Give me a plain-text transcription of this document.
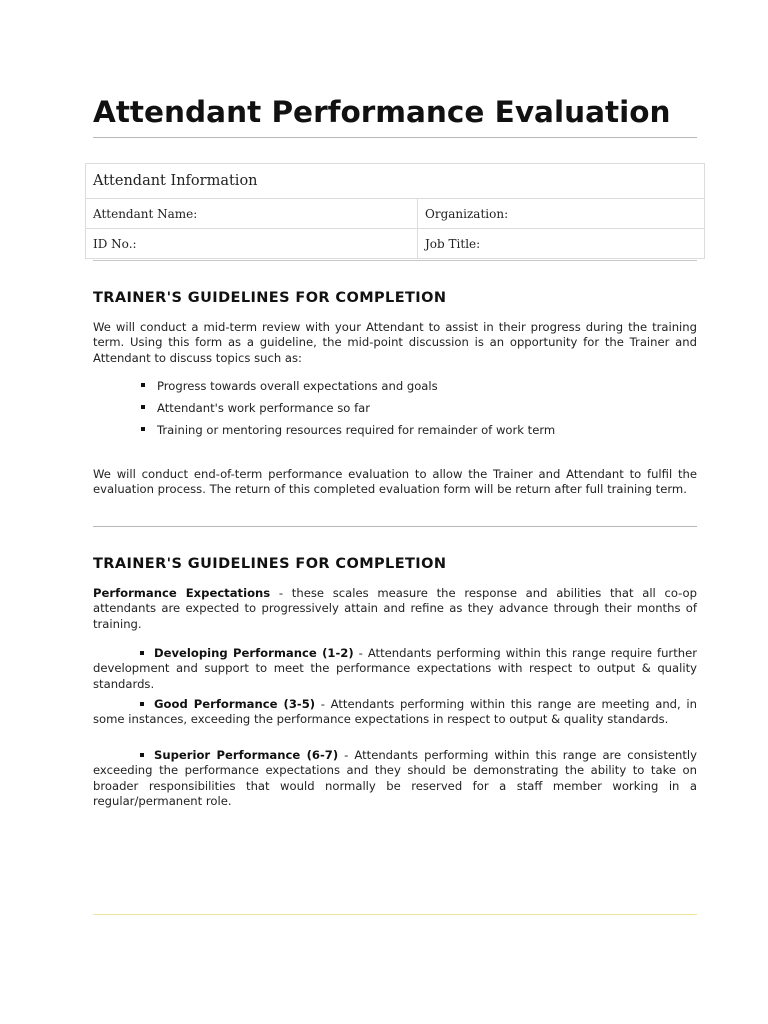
Attendant Performance Evaluation
Attendant Information	
Attendant Name:	Organization:
ID No.:	Job Title:
TRAINER'S GUIDELINES FOR COMPLETION
We will conduct a mid-term review with your Attendant to assist in their progress during the training term. Using this form as a guideline, the mid-point discussion is an opportunity for the Trainer and Attendant to discuss topics such as:
Progress towards overall expectations and goals
Attendant's work performance so far
Training or mentoring resources required for remainder of work term
We will conduct end-of-term performance evaluation to allow the Trainer and Attendant to fulfil the evaluation process. The return of this completed evaluation form will be return after full training term.
TRAINER'S GUIDELINES FOR COMPLETION
Performance Expectations - these scales measure the response and abilities that all co-op attendants are expected to progressively attain and refine as they advance through their months of training.
Developing Performance (1-2) - Attendants performing within this range require further development and support to meet the performance expectations with respect to output & quality standards.
Good Performance (3-5) - Attendants performing within this range are meeting and, in some instances, exceeding the performance expectations in respect to output & quality standards.
Superior Performance (6-7) - Attendants performing within this range are consistently exceeding the performance expectations and they should be demonstrating the ability to take on broader responsibilities that would normally be reserved for a staff member working in a regular/permanent role.
